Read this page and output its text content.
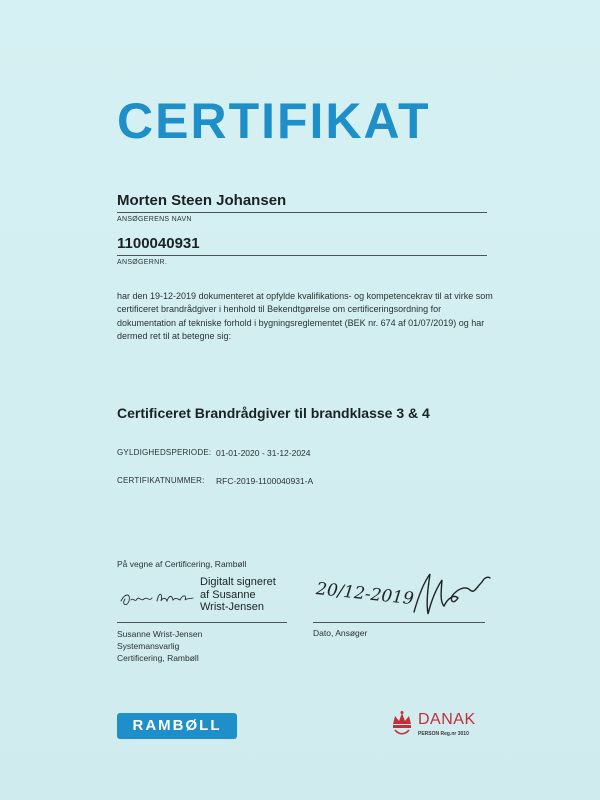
CERTIFIKAT
Morten Steen Johansen
ANSØGERENS NAVN
1100040931
ANSØGERNR.
har den 19-12-2019 dokumenteret at opfylde kvalifikations- og kompetencekrav til at virke som certificeret brandrådgiver i henhold til Bekendtgørelse om certificeringsordning for dokumentation af tekniske forhold i bygningsreglementet (BEK nr. 674 af 01/07/2019) og har dermed ret til at betegne sig:
Certificeret Brandrådgiver til brandklasse 3 & 4
GYLDIGHEDSPERIODE: 01-01-2020 - 31-12-2024
CERTIFIKATNUMMER: RFC-2019-1100040931-A
På vegne af Certificering, Rambøll
Digitalt signeret
af Susanne
Wrist-Jensen
Susanne Wrist-Jensen
Systemansvarlig
Certificering, Rambøll
20/12-2019
Dato, Ansøger
RAMBØLL	DANAK
PERSON Reg.nr 3010
